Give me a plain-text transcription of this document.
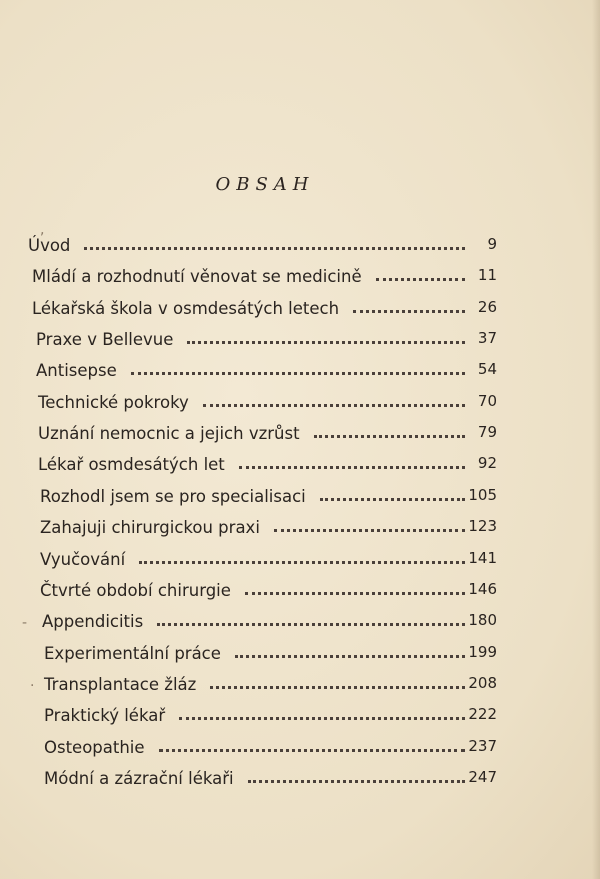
,
-
·
OBSAH
Úvod	9
Mládí a rozhodnutí věnovat se medicině	11
Lékařská škola v osmdesátých letech	26
Praxe v Bellevue	37
Antisepse	54
Technické pokroky	70
Uznání nemocnic a jejich vzrůst	79
Lékař osmdesátých let	92
Rozhodl jsem se pro specialisaci	105
Zahajuji chirurgickou praxi	123
Vyučování	141
Čtvrté období chirurgie	146
Appendicitis	180
Experimentální práce	199
Transplantace žláz	208
Praktický lékař	222
Osteopathie	237
Módní a zázrační lékaři	247
